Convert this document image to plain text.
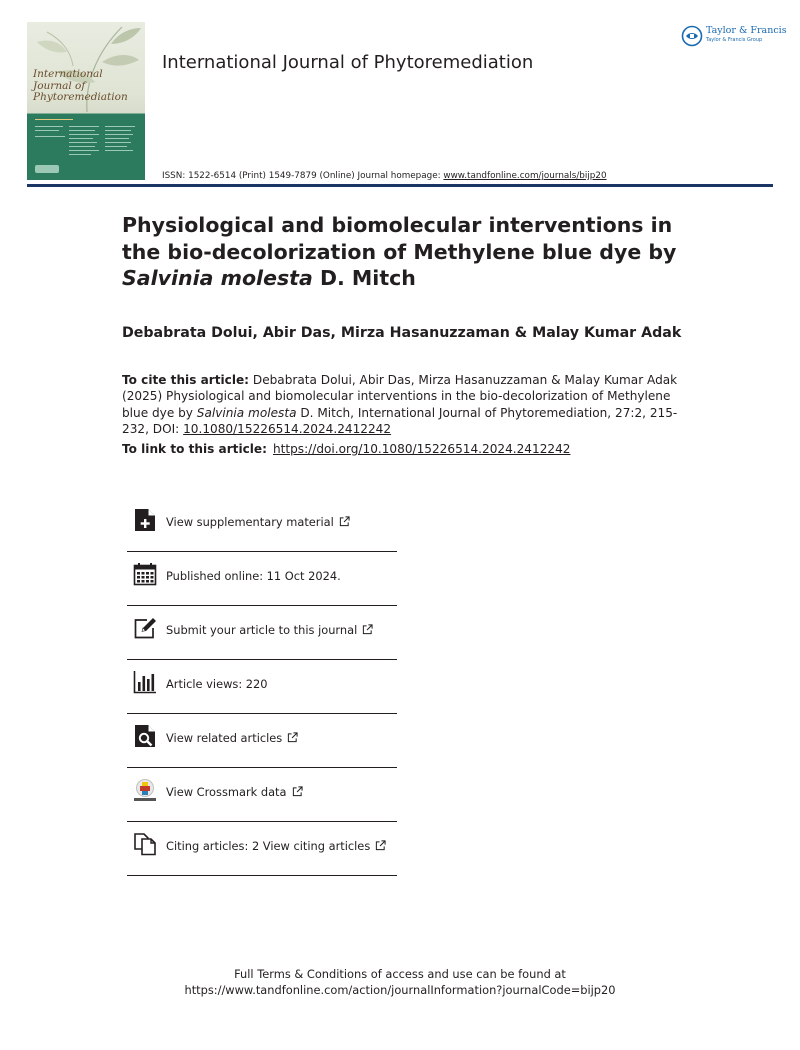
International
Journal of
Phytoremediation
International Journal of Phytoremediation
Taylor & Francis
Taylor & Francis Group
ISSN: 1522-6514 (Print) 1549-7879 (Online) Journal homepage: www.tandfonline.com/journals/bijp20
Physiological and biomolecular interventions in the bio-decolorization of Methylene blue dye by Salvinia molesta D. Mitch
Debabrata Dolui, Abir Das, Mirza Hasanuzzaman & Malay Kumar Adak
To cite this article: Debabrata Dolui, Abir Das, Mirza Hasanuzzaman & Malay Kumar Adak (2025) Physiological and biomolecular interventions in the bio-decolorization of Methylene blue dye by Salvinia molesta D. Mitch, International Journal of Phytoremediation, 27:2, 215-232, DOI: 10.1080/15226514.2024.2412242
To link to this article: https://doi.org/10.1080/15226514.2024.2412242
View supplementary material
Published online: 11 Oct 2024.
Submit your article to this journal
Article views: 220
View related articles
View Crossmark data
Citing articles: 2 View citing articles
Full Terms & Conditions of access and use can be found at
https://www.tandfonline.com/action/journalInformation?journalCode=bijp20
